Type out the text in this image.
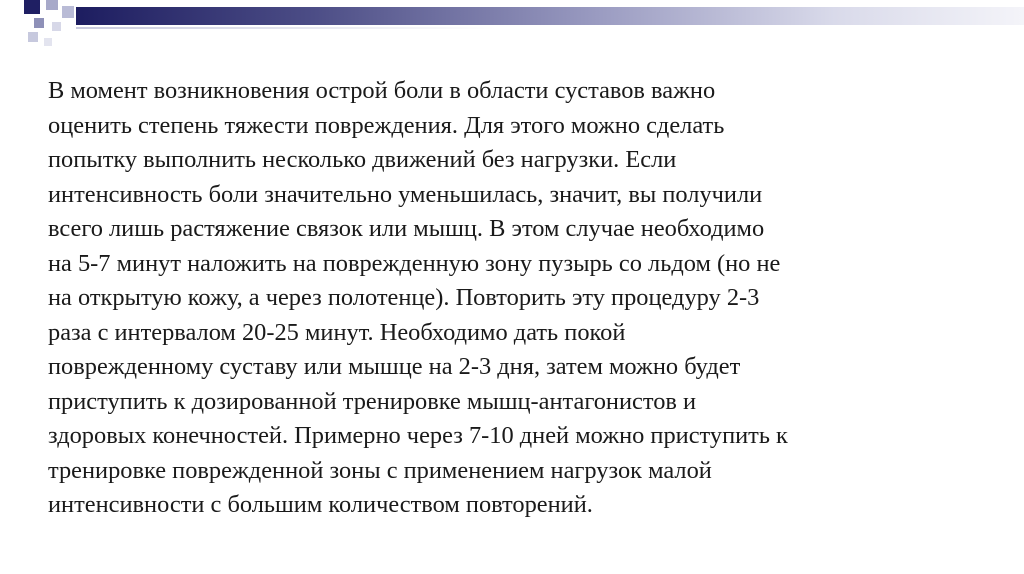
В момент возникновения острой боли в области суставов важно
оценить степень тяжести повреждения. Для этого можно сделать
попытку выполнить несколько движений без нагрузки. Если
интенсивность боли значительно уменьшилась, значит, вы получили
всего лишь растяжение связок или мышц. В этом случае необходимо
на 5-7 минут наложить на поврежденную зону пузырь со льдом (но не
на открытую кожу, а через полотенце). Повторить эту процедуру 2-3
раза с интервалом 20-25 минут. Необходимо дать покой
поврежденному суставу или мышце на 2-3 дня, затем можно будет
приступить к дозированной тренировке мышц-антагонистов и
здоровых конечностей. Примерно через 7-10 дней можно приступить к
тренировке поврежденной зоны с применением нагрузок малой
интенсивности с большим количеством повторений.
